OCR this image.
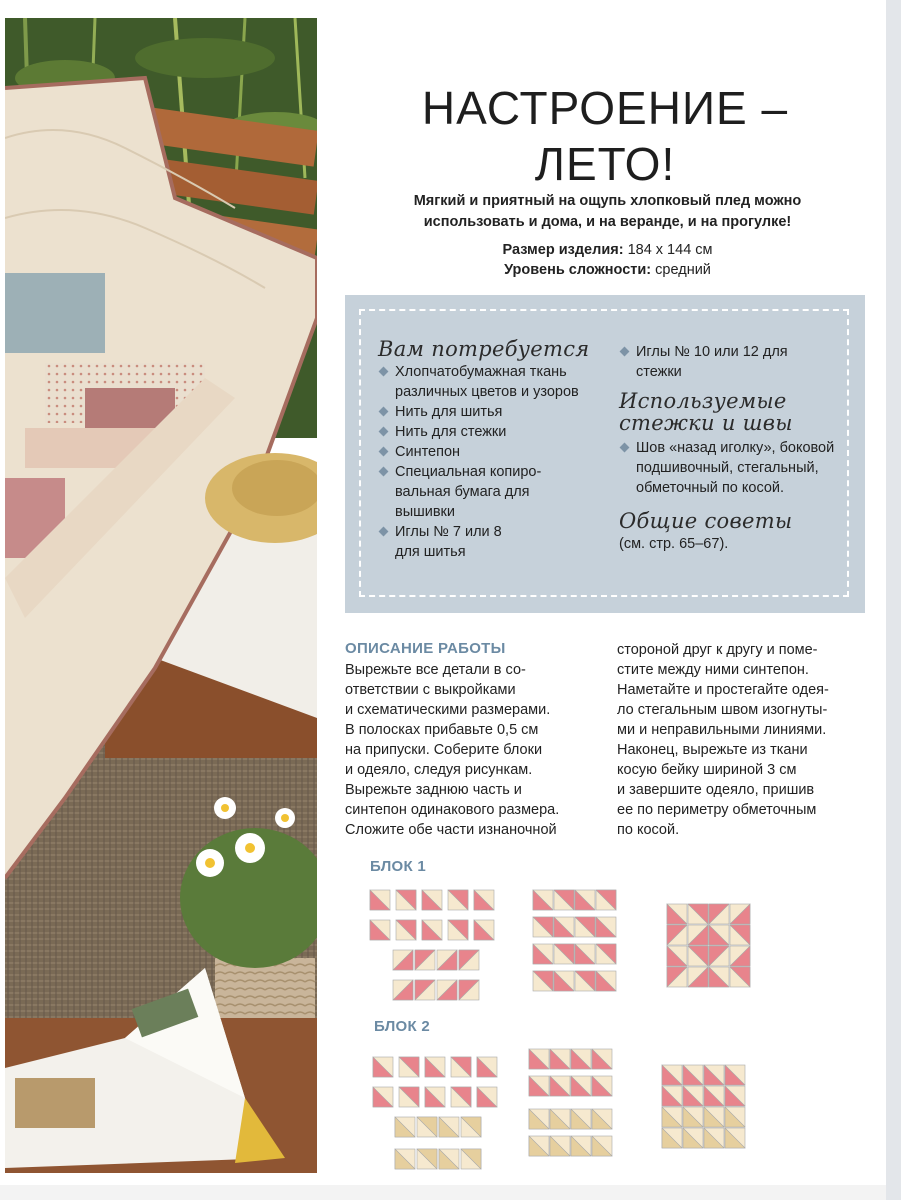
НАСТРОЕНИЕ –
ЛЕТО!
Мягкий и приятный на ощупь хлопковый плед можно
использовать и дома, и на веранде, и на прогулке!
Размер изделия: 184 х 144 см
Уровень сложности: средний
Вам потребуется
Хлопчатобумажная ткань различных цветов и узоров
Нить для шитья
Нить для стежки
Синтепон
Специальная копиро-вальная бумага для вышивки
Иглы № 7 или 8 для шитья
Иглы № 10 или 12 для стежки
Используемые
стежки и швы
Шов «назад иголку», боковой подшивочный, стегальный, обметочный по косой.
Общие советы
(см. стр. 65–67).
ОПИСАНИЕ РАБОТЫ
Вырежьте все детали в со-
ответствии с выкройками
и схематическими размерами.
В полосках прибавьте 0,5 см
на припуски. Соберите блоки
и одеяло, следуя рисункам.
Вырежьте заднюю часть и
синтепон одинакового размера.
Сложите обе части изнаночной
стороной друг к другу и поме-
стите между ними синтепон.
Наметайте и простегайте одея-
ло стегальным швом изогнуты-
ми и неправильными линиями.
Наконец, вырежьте из ткани
косую бейку шириной 3 см
и завершите одеяло, пришив
ее по периметру обметочным
по косой.
БЛОК 1
БЛОК 2
